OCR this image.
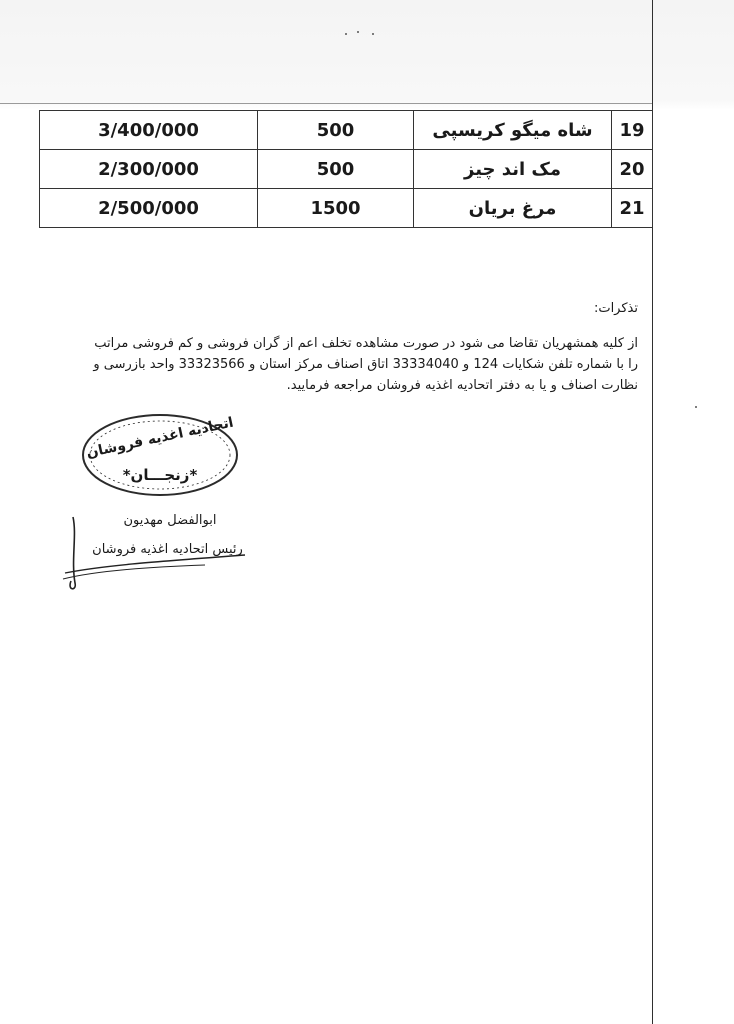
19	شاه میگو کریسپی	500	3/400/000
20	مک اند چیز	500	2/300/000
21	مرغ بریان	1500	2/500/000
تذکرات:

از کلیه همشهریان تقاضا می شود در صورت مشاهده تخلف اعم از گران فروشی و کم فروشی مراتب را با شماره تلفن شکایات 124 و 33334040 اتاق اصناف مرکز استان و 33323566 واحد بازرسی و نظارت اصناف و یا به دفتر اتحادیه اغذیه فروشان مراجعه فرمایید.

اتحادیه اغذیه فروشان
*زنجـــان*
ابوالفضل مهدیون
رئیس اتحادیه اغذیه فروشان
